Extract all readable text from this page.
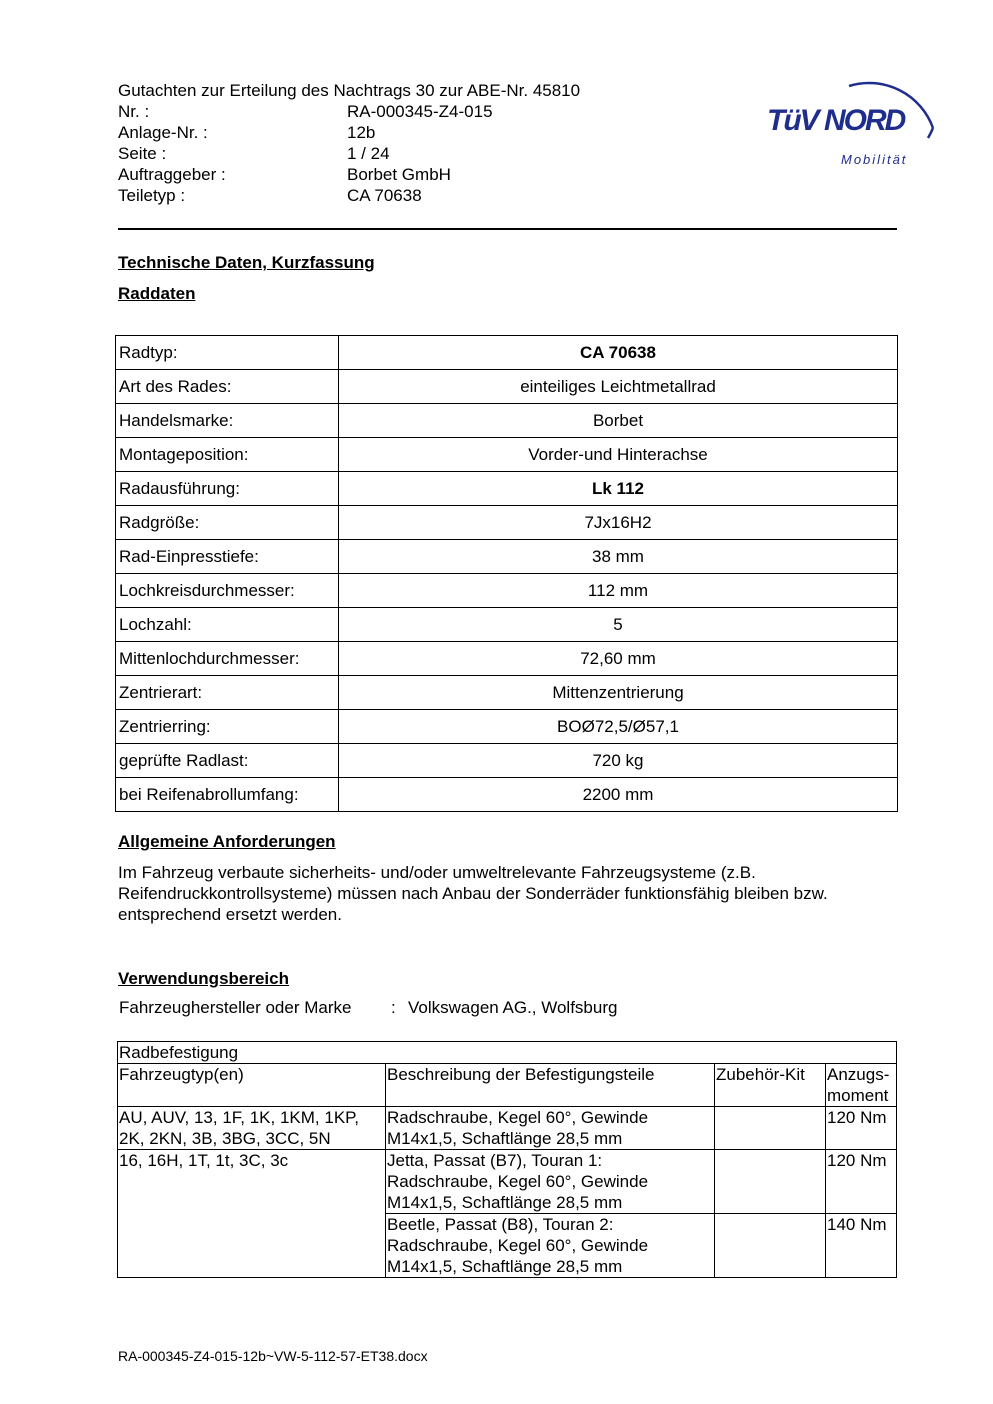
Gutachten zur Erteilung des Nachtrags 30 zur ABE-Nr. 45810
Nr. :	RA-000345-Z4-015
Anlage-Nr. :	12b
Seite :	1 / 24
Auftraggeber :	Borbet GmbH
Teiletyp :	CA 70638
TüV NORD
Mobilität
Technische Daten, Kurzfassung
Raddaten
Radtyp:	CA 70638
Art des Rades:	einteiliges Leichtmetallrad
Handelsmarke:	Borbet
Montageposition:	Vorder-und Hinterachse
Radausführung:	Lk 112
Radgröße:	7Jx16H2
Rad-Einpresstiefe:	38 mm
Lochkreisdurchmesser:	112 mm
Lochzahl:	5
Mittenlochdurchmesser:	72,60 mm
Zentrierart:	Mittenzentrierung
Zentrierring:	BOØ72,5/Ø57,1
geprüfte Radlast:	720 kg
bei Reifenabrollumfang:	2200 mm
Allgemeine Anforderungen
Im Fahrzeug verbaute sicherheits- und/oder umweltrelevante Fahrzeugsysteme (z.B.
Reifendruckkontrollsysteme) müssen nach Anbau der Sonderräder funktionsfähig bleiben bzw.
entsprechend ersetzt werden.
Verwendungsbereich
Fahrzeughersteller oder Marke : Volkswagen AG., Wolfsburg
Radbefestigung			
Fahrzeugtyp(en)	Beschreibung der Befestigungsteile	Zubehör-Kit	Anzugs-
moment
AU, AUV, 13, 1F, 1K, 1KM, 1KP,
2K, 2KN, 3B, 3BG, 3CC, 5N	Radschraube, Kegel 60°, Gewinde
M14x1,5, Schaftlänge 28,5 mm		120 Nm
16, 16H, 1T, 1t, 3C, 3c	Jetta, Passat (B7), Touran 1:
Radschraube, Kegel 60°, Gewinde
M14x1,5, Schaftlänge 28,5 mm		120 Nm
	Beetle, Passat (B8), Touran 2:
Radschraube, Kegel 60°, Gewinde
M14x1,5, Schaftlänge 28,5 mm		140 Nm
RA-000345-Z4-015-12b~VW-5-112-57-ET38.docx
